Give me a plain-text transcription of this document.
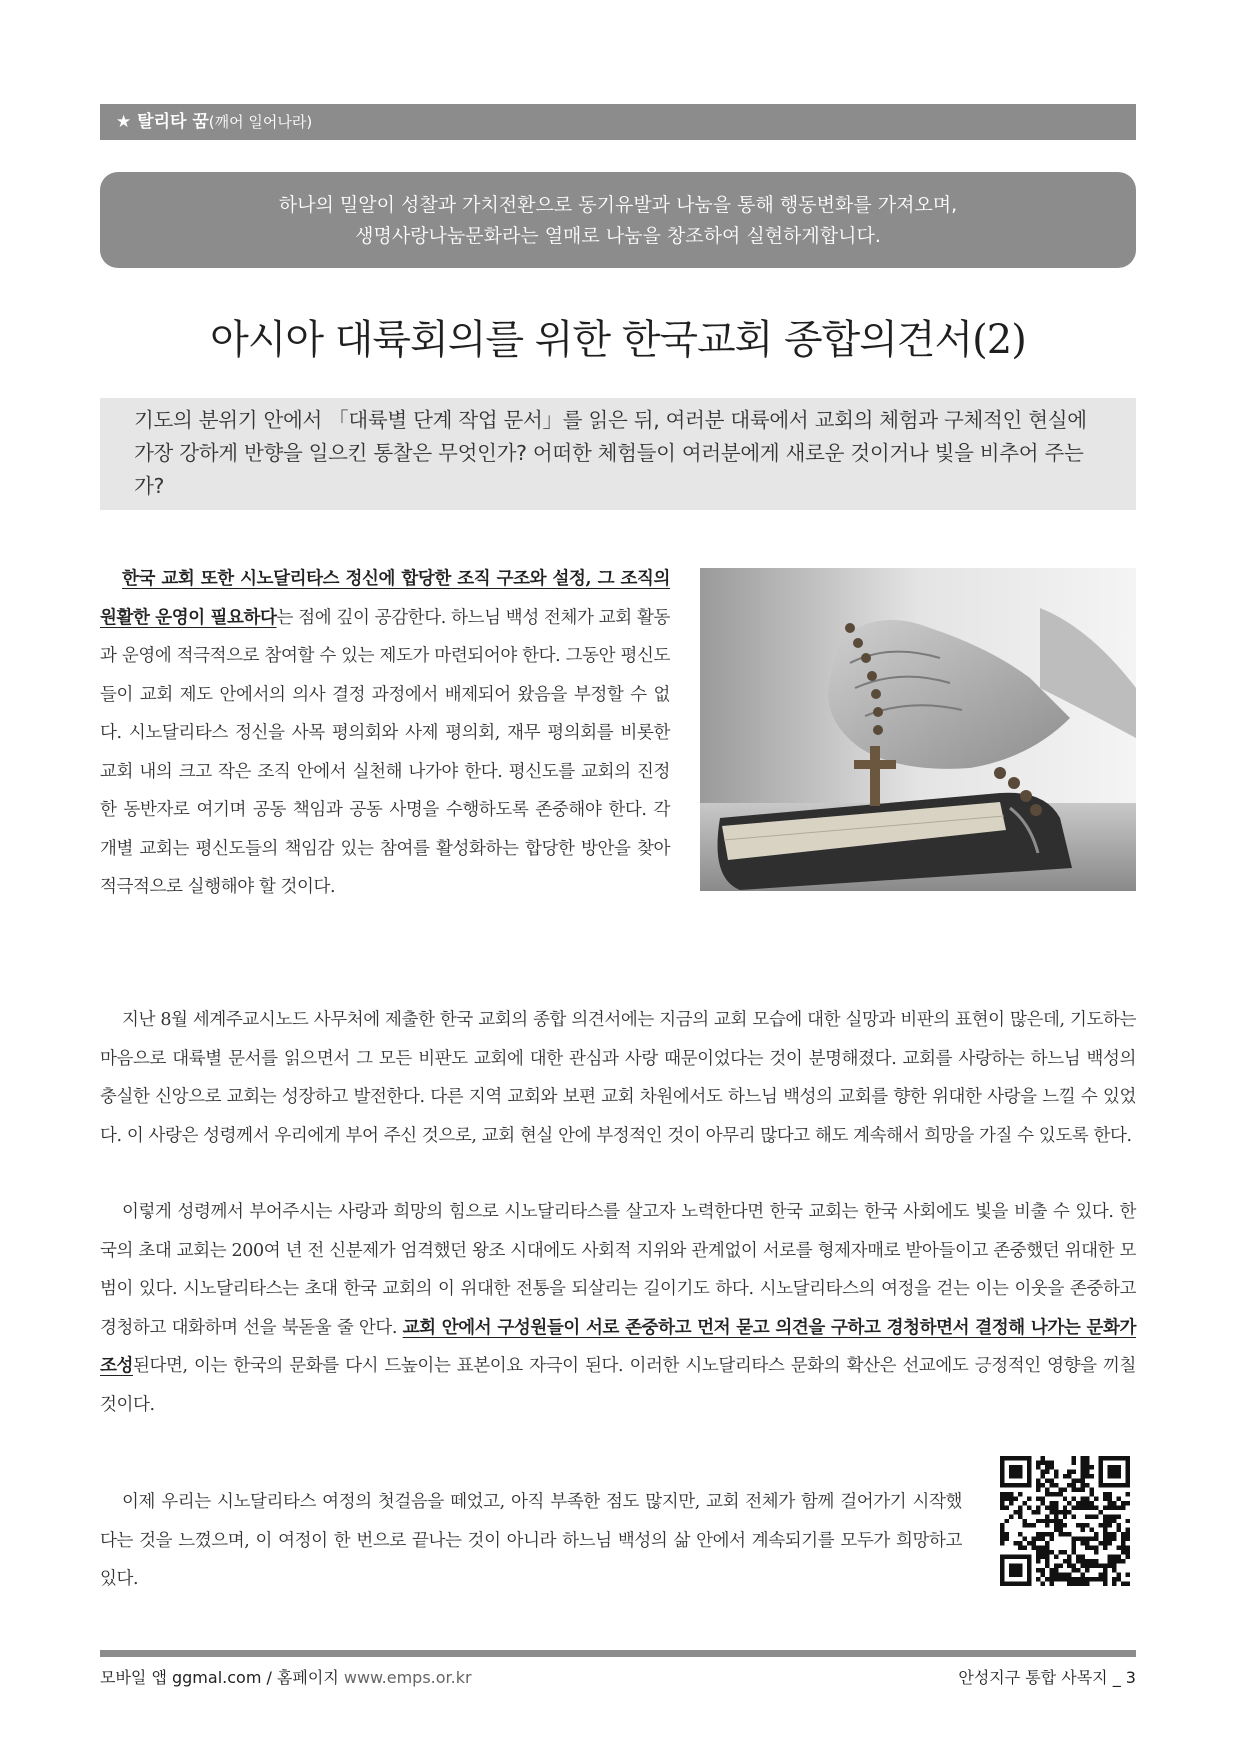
★ 탈리타 꿈(깨어 일어나라)
하나의 밀알이 성찰과 가치전환으로 동기유발과 나눔을 통해 행동변화를 가져오며,
생명사랑나눔문화라는 열매로 나눔을 창조하여 실현하게합니다.
아시아 대륙회의를 위한 한국교회 종합의견서(2)
기도의 분위기 안에서 「대륙별 단계 작업 문서」를 읽은 뒤, 여러분 대륙에서 교회의 체험과 구체적인 현실에 가장 강하게 반향을 일으킨 통찰은 무엇인가? 어떠한 체험들이 여러분에게 새로운 것이거나 빛을 비추어 주는가?
한국 교회 또한 시노달리타스 정신에 합당한 조직 구조와 설정, 그 조직의 원활한 운영이 필요하다는 점에 깊이 공감한다. 하느님 백성 전체가 교회 활동과 운영에 적극적으로 참여할 수 있는 제도가 마련되어야 한다. 그동안 평신도들이 교회 제도 안에서의 의사 결정 과정에서 배제되어 왔음을 부정할 수 없다. 시노달리타스 정신을 사목 평의회와 사제 평의회, 재무 평의회를 비롯한 교회 내의 크고 작은 조직 안에서 실천해 나가야 한다. 평신도를 교회의 진정한 동반자로 여기며 공동 책임과 공동 사명을 수행하도록 존중해야 한다. 각 개별 교회는 평신도들의 책임감 있는 참여를 활성화하는 합당한 방안을 찾아 적극적으로 실행해야 할 것이다.
지난 8월 세계주교시노드 사무처에 제출한 한국 교회의 종합 의견서에는 지금의 교회 모습에 대한 실망과 비판의 표현이 많은데, 기도하는 마음으로 대륙별 문서를 읽으면서 그 모든 비판도 교회에 대한 관심과 사랑 때문이었다는 것이 분명해졌다. 교회를 사랑하는 하느님 백성의 충실한 신앙으로 교회는 성장하고 발전한다. 다른 지역 교회와 보편 교회 차원에서도 하느님 백성의 교회를 향한 위대한 사랑을 느낄 수 있었다. 이 사랑은 성령께서 우리에게 부어 주신 것으로, 교회 현실 안에 부정적인 것이 아무리 많다고 해도 계속해서 희망을 가질 수 있도록 한다.
이렇게 성령께서 부어주시는 사랑과 희망의 힘으로 시노달리타스를 살고자 노력한다면 한국 교회는 한국 사회에도 빛을 비출 수 있다. 한국의 초대 교회는 200여 년 전 신분제가 엄격했던 왕조 시대에도 사회적 지위와 관계없이 서로를 형제자매로 받아들이고 존중했던 위대한 모범이 있다. 시노달리타스는 초대 한국 교회의 이 위대한 전통을 되살리는 길이기도 하다. 시노달리타스의 여정을 걷는 이는 이웃을 존중하고 경청하고 대화하며 선을 북돋울 줄 안다. 교회 안에서 구성원들이 서로 존중하고 먼저 묻고 의견을 구하고 경청하면서 결정해 나가는 문화가 조성된다면, 이는 한국의 문화를 다시 드높이는 표본이요 자극이 된다. 이러한 시노달리타스 문화의 확산은 선교에도 긍정적인 영향을 끼칠 것이다.
이제 우리는 시노달리타스 여정의 첫걸음을 떼었고, 아직 부족한 점도 많지만, 교회 전체가 함께 걸어가기 시작했다는 것을 느꼈으며, 이 여정이 한 번으로 끝나는 것이 아니라 하느님 백성의 삶 안에서 계속되기를 모두가 희망하고 있다.
모바일 앱 ggmal.com / 홈페이지 www.emps.or.kr	안성지구 통합 사목지 _ 3
